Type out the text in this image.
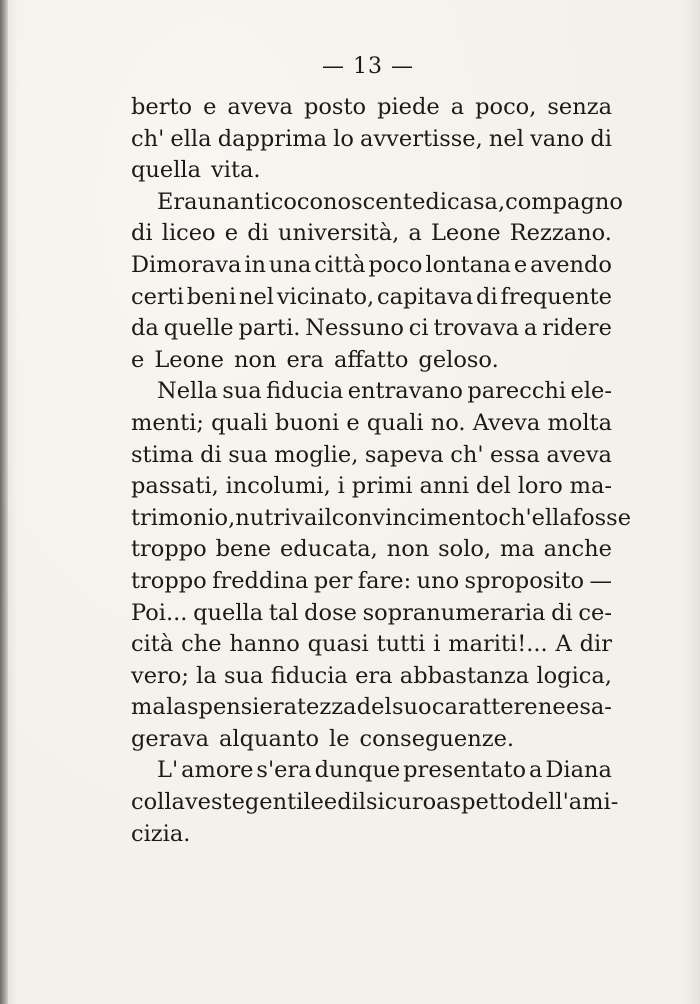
— 13 —
berto e aveva posto piede a poco, senza
ch' ella dapprima lo avvertisse, nel vano di
quella vita.
Era un antico conoscente di casa, compagno
di liceo e di università, a Leone Rezzano.
Dimorava in una città poco lontana e avendo
certi beni nel vicinato, capitava di frequente
da quelle parti. Nessuno ci trovava a ridere
e Leone non era affatto geloso.
Nella sua fiducia entravano parecchi ele-
menti; quali buoni e quali no. Aveva molta
stima di sua moglie, sapeva ch' essa aveva
passati, incolumi, i primi anni del loro ma-
trimonio, nutriva il convincimento ch'ella fosse
troppo bene educata, non solo, ma anche
troppo freddina per fare: uno sproposito —
Poi... quella tal dose sopranumeraria di ce-
cità che hanno quasi tutti i mariti!... A dir
vero; la sua fiducia era abbastanza logica,
ma la spensieratezza del suo carattere ne esa-
gerava alquanto le conseguenze.
L' amore s'era dunque presentato a Diana
colla veste gentile ed il sicuro aspetto dell' ami-
cizia.
